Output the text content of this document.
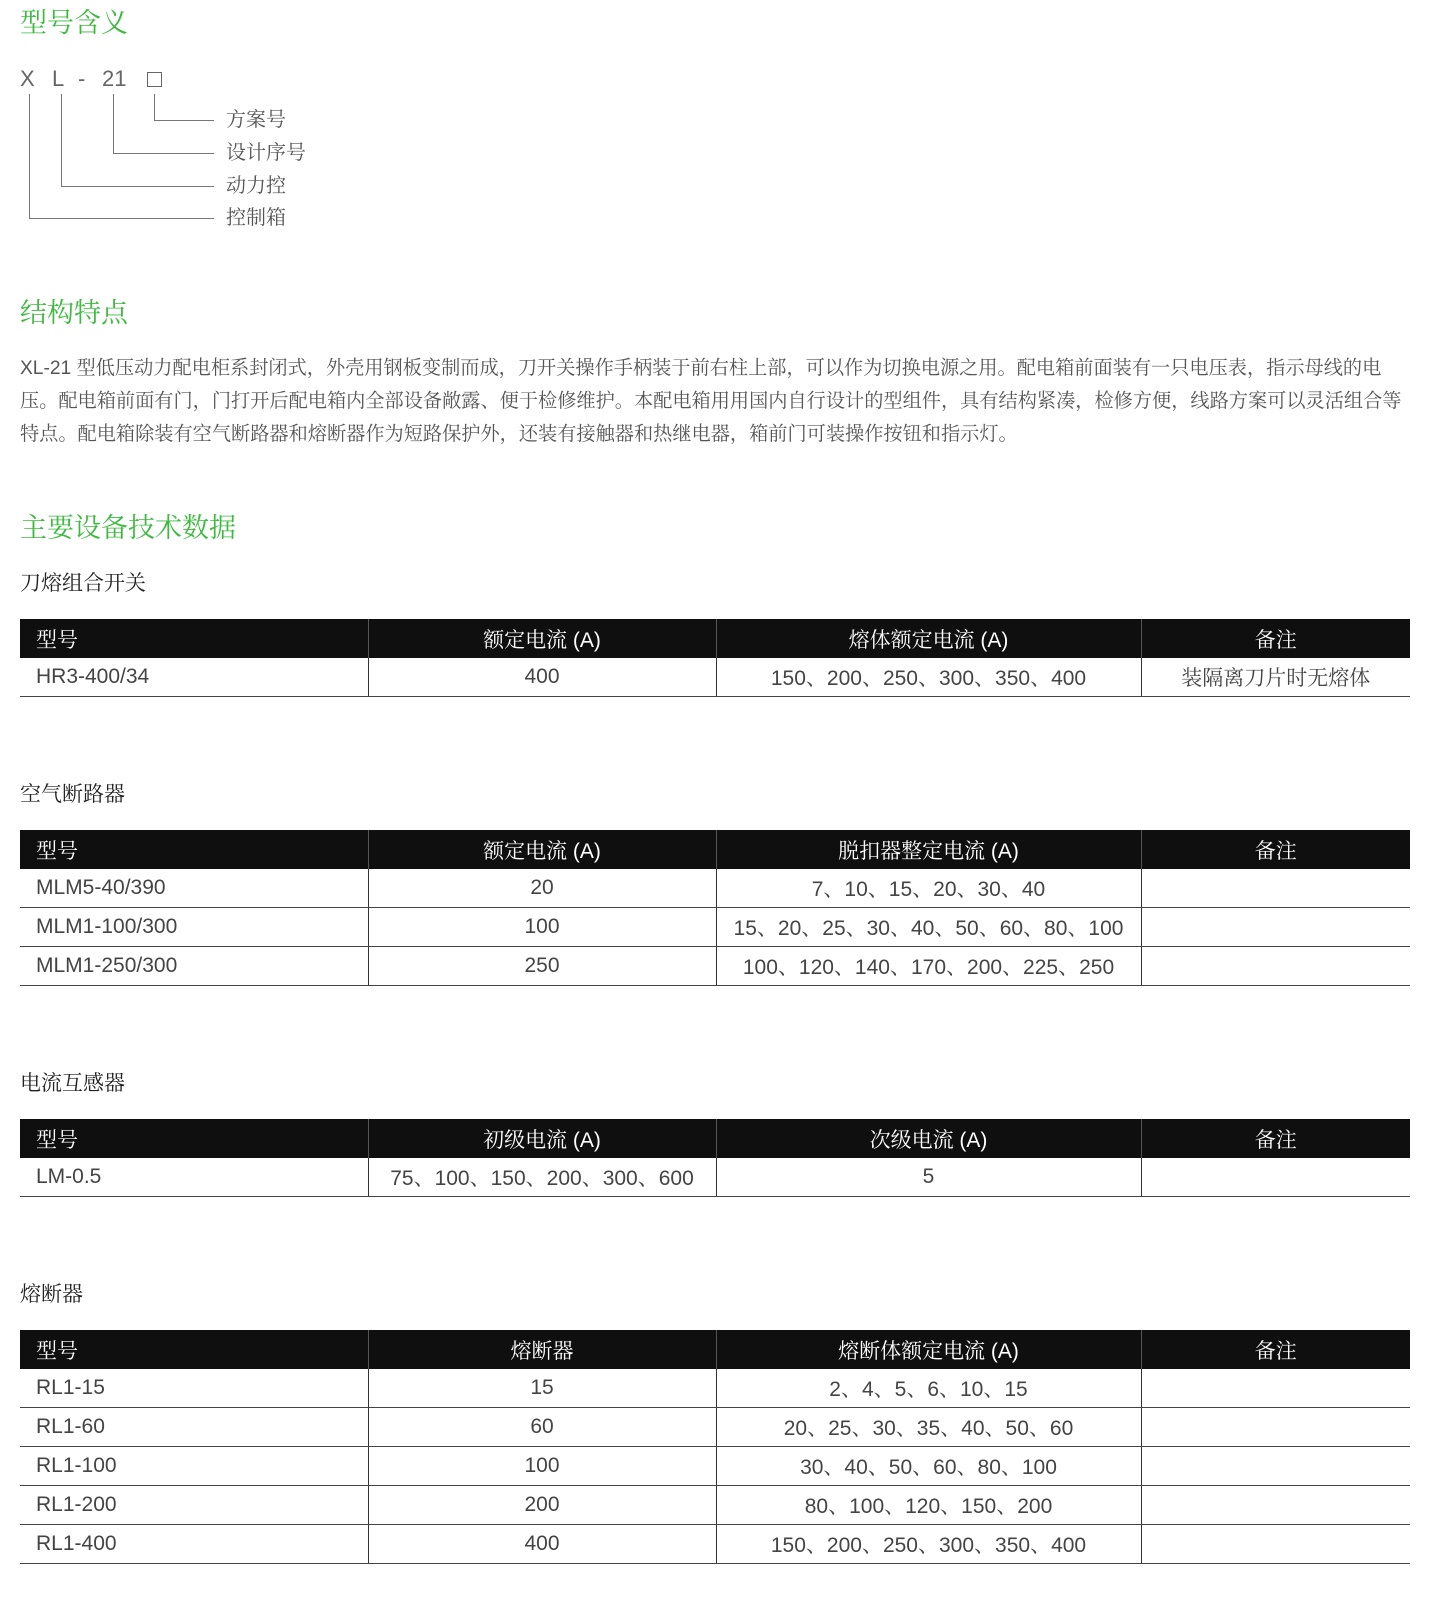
型号含义
X L - 21
方案号
设计序号
动力控
控制箱
结构特点

XL-21 型低压动力配电柜系封闭式，外壳用钢板变制而成，刀开关操作手柄装于前右柱上部，可以作为切换电源之用。配电箱前面装有一只电压表，指示母线的电压。配电箱前面有门，门打开后配电箱内全部设备敞露、便于检修维护。本配电箱用用国内自行设计的型组件，具有结构紧凑，检修方便，线路方案可以灵活组合等特点。配电箱除装有空气断路器和熔断器作为短路保护外，还装有接触器和热继电器，箱前门可装操作按钮和指示灯。

主要设备技术数据
刀熔组合开关
型号	额定电流 (A)	熔体额定电流 (A)	备注
HR3-400/34	400	150、200、250、300、350、400	装隔离刀片时无熔体
空气断路器
型号	额定电流 (A)	脱扣器整定电流 (A)	备注
MLM5-40/390	20	7、10、15、20、30、40	
MLM1-100/300	100	15、20、25、30、40、50、60、80、100	
MLM1-250/300	250	100、120、140、170、200、225、250	
电流互感器
型号	初级电流 (A)	次级电流 (A)	备注
LM-0.5	75、100、150、200、300、600	5	
熔断器
型号	熔断器	熔断体额定电流 (A)	备注
RL1-15	15	2、4、5、6、10、15	
RL1-60	60	20、25、30、35、40、50、60	
RL1-100	100	30、40、50、60、80、100	
RL1-200	200	80、100、120、150、200	
RL1-400	400	150、200、250、300、350、400	
